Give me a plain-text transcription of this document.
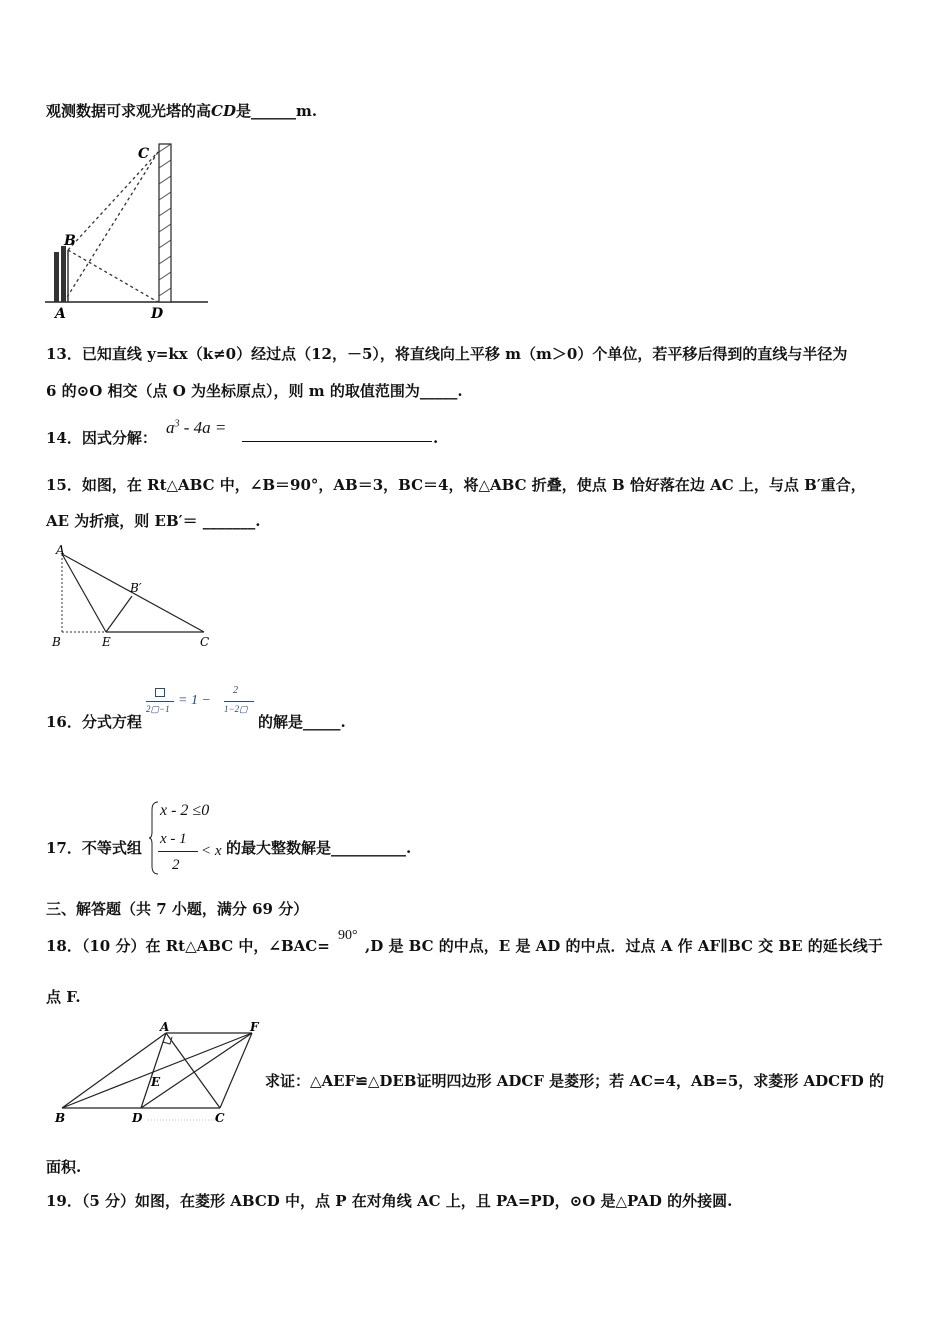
观测数据可求观光塔的高CD是______m.
C
B
A	D
13．已知直线 y=kx（k≠0）经过点（12，－5），将直线向上平移 m（m＞0）个单位，若平移后得到的直线与半径为
6 的⊙O 相交（点 O 为坐标原点），则 m 的取值范围为_____.
14．因式分解：
$a^3 - 4a$ =
.
15．如图，在 Rt△ABC 中，∠B＝90°，AB＝3，BC＝4，将△ABC 折叠，使点 B 恰好落在边 AC 上，与点 B′重合，
AE 为折痕，则 EB′＝ _______.
A
B	E	C
B′
16．分式方程
2▢−1
= 1 −
2
1−2▢
的解是_____.
17．不等式组
x - 2 ≤0
x - 1
2
< x 的最大整数解是__________.
三、解答题（共 7 小题，满分 69 分）
18．（10 分）在 Rt△ABC 中，∠BAC=
90°
,D 是 BC 的中点，E 是 AD 的中点．过点 A 作 AF∥BC 交 BE 的延长线于
点 F.
A	F
E
B	D	C
求证：△AEF≌△DEB证明四边形 ADCF 是菱形；若 AC=4，AB=5，求菱形 ADCFD 的
面积.
19．（5 分）如图，在菱形 ABCD 中，点 P 在对角线 AC 上，且 PA=PD，⊙O 是△PAD 的外接圆.
